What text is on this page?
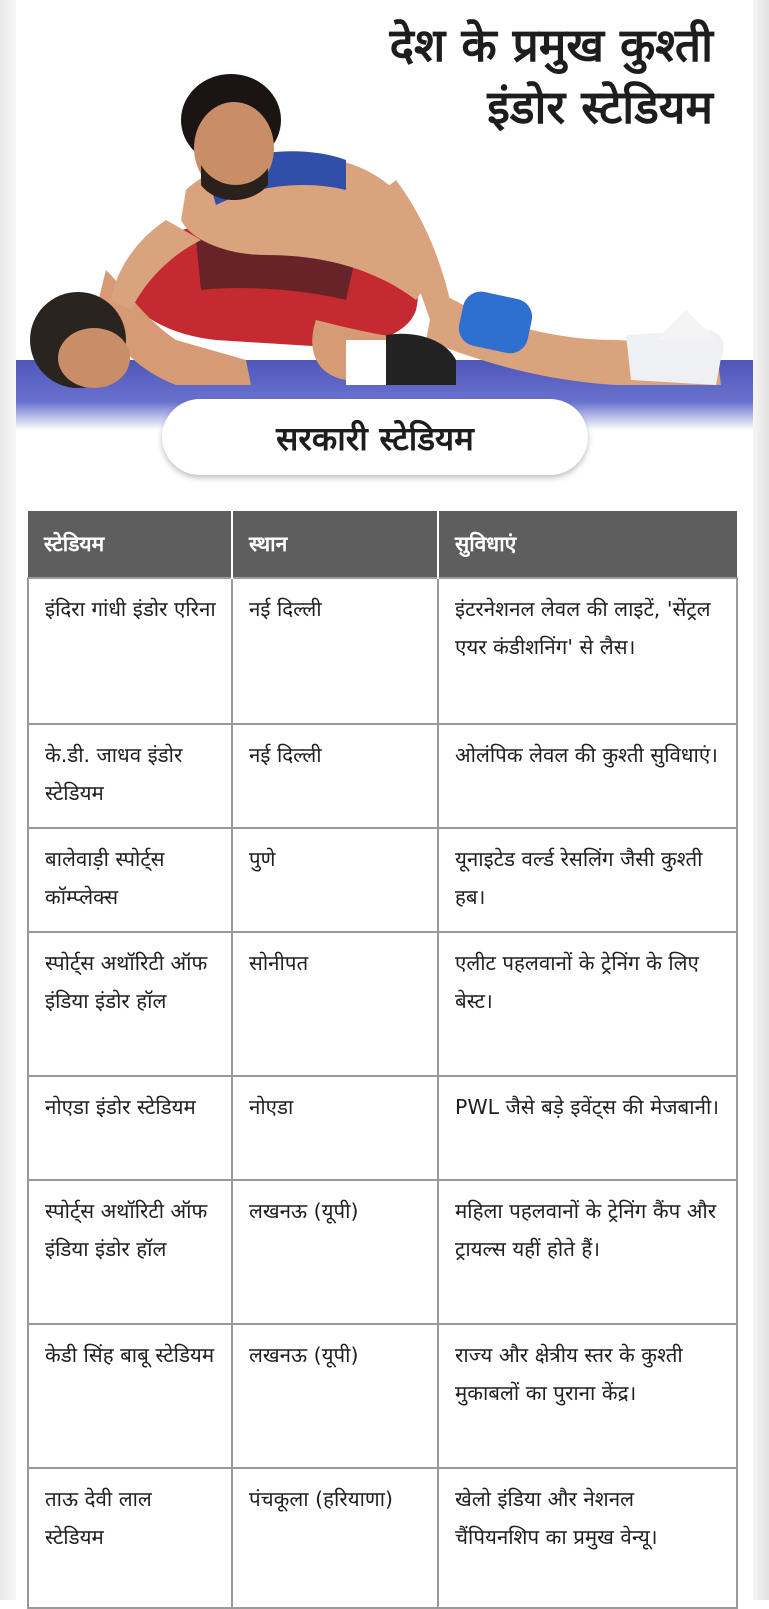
देश के प्रमुख कुश्ती
इंडोर स्टेडियम
सरकारी स्टेडियम
स्टेडियम	स्थान	सुविधाएं
इंदिरा गांधी इंडोर एरिना	नई दिल्ली	इंटरनेशनल लेवल की लाइटें, 'सेंट्रल एयर कंडीशनिंग' से लैस।
के.डी. जाधव इंडोर स्टेडियम	नई दिल्ली	ओलंपिक लेवल की कुश्ती सुविधाएं।
बालेवाड़ी स्पोर्ट्स कॉम्प्लेक्स	पुणे	यूनाइटेड वर्ल्ड रेसलिंग जैसी कुश्ती हब।
स्पोर्ट्स अथॉरिटी ऑफ इंडिया इंडोर हॉल	सोनीपत	एलीट पहलवानों के ट्रेनिंग के लिए बेस्ट।
नोएडा इंडोर स्टेडियम	नोएडा	PWL जैसे बड़े इवेंट्स की मेजबानी।
स्पोर्ट्स अथॉरिटी ऑफ इंडिया इंडोर हॉल	लखनऊ (यूपी)	महिला पहलवानों के ट्रेनिंग कैंप और ट्रायल्स यहीं होते हैं।
केडी सिंह बाबू स्टेडियम	लखनऊ (यूपी)	राज्य और क्षेत्रीय स्तर के कुश्ती मुकाबलों का पुराना केंद्र।
ताऊ देवी लाल स्टेडियम	पंचकूला (हरियाणा)	खेलो इंडिया और नेशनल चैंपियनशिप का प्रमुख वेन्यू।
